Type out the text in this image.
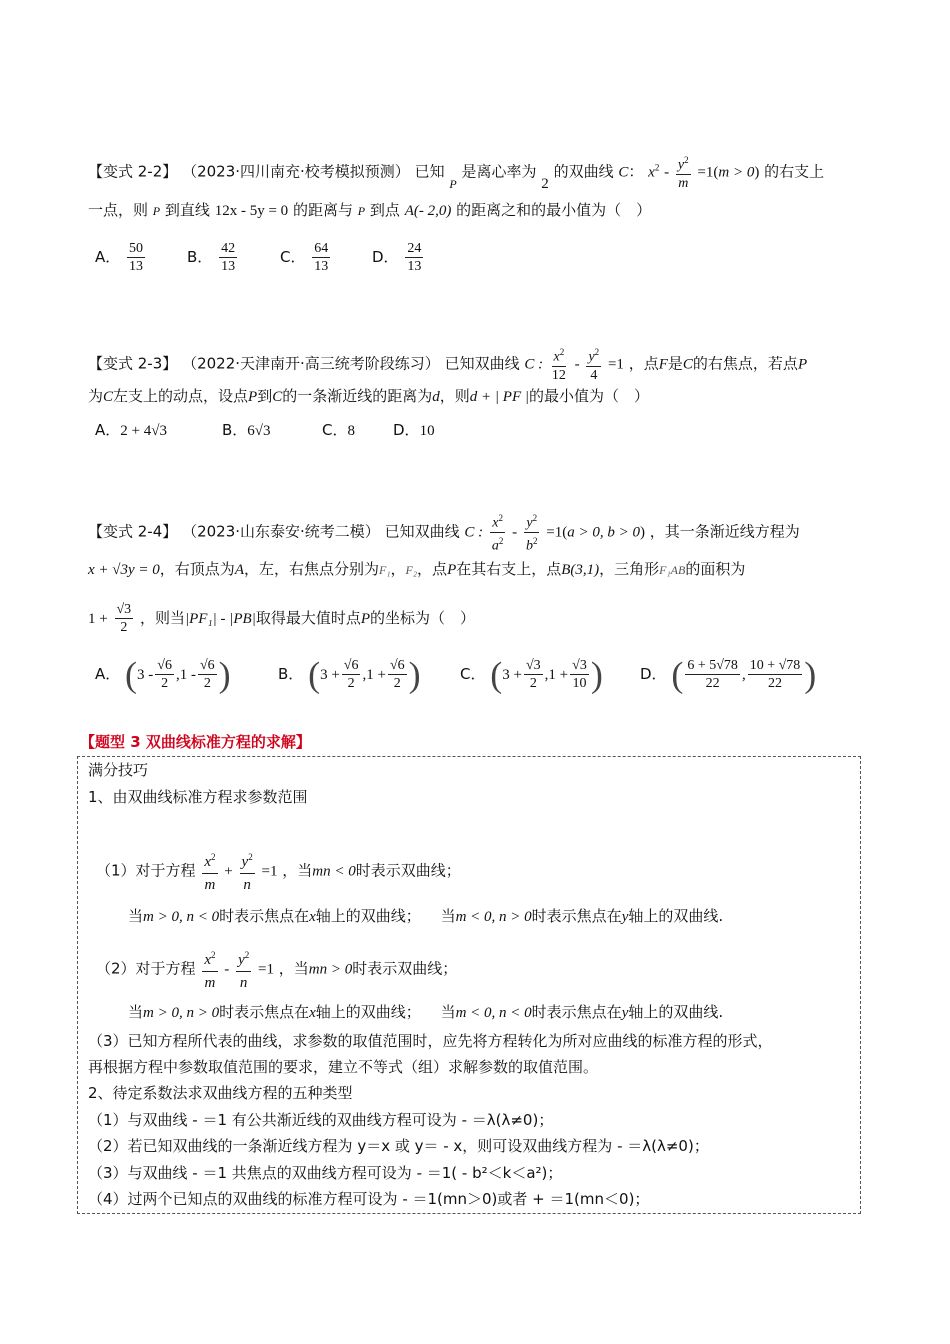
【变式 2-2】 （2023·四川南充·校考模拟预测） 已知 $_P$ 是离心率为 2 的双曲线 C： $x^2 - \frac{y^2}{m} =1(m > 0)$ 的右支上
一点，则 P 到直线 12x - 5y = 0 的距离与 P 到点 A(- 2,0) 的距离之和的最小值为（　）
A． $\frac{50}{13}$	B． $\frac{42}{13}$	C． $\frac{64}{13}$	D． $\frac{24}{13}$
【变式 2-3】 （2022·天津南开·高三统考阶段练习） 已知双曲线 C : $\frac{x^2}{12} - \frac{y^2}{4} =1$ ，点F是C的右焦点，若点P
为C左支上的动点，设点P到C的一条渐近线的距离为d，则d + | PF |的最小值为（　）
A．2 + 4√3	B．6√3	C．8	D．10
【变式 2-4】 （2023·山东泰安·统考二模） 已知双曲线 C : $\frac{x^2}{a^2} - \frac{y^2}{b^2} =1(a > 0$, b > 0) ，其一条渐近线方程为
x + √3y = 0，右顶点为A，左，右焦点分别为F₁，F₂，点P在其右支上，点B(3,1)，三角形F₁AB的面积为
$1 + \frac{√3}{2}$ ，则当|PF₁| - |PB|取得最大值时点P的坐标为（　）
A． ($3 - \frac{√6}{2} ,1 - \frac{√6}{2}$ )	B． ($3 + \frac{√6}{2} ,1 + \frac{√6}{2}$ )	C． ($3 + \frac{√3}{2} ,1 + \frac{√3}{10}$ ) D． ( $\frac{6 + 5√78}{22}$ , $\frac{10 + √78}{22}$ )
【题型 3 双曲线标准方程的求解】
满分技巧
1、由双曲线标准方程求参数范围
（1）对于方程 $\frac{x^2}{m} + \frac{y^2}{n} =1$ ，当mn < 0时表示双曲线；
当m > 0, n < 0时表示焦点在x轴上的双曲线； 　 当m < 0, n > 0时表示焦点在y轴上的双曲线.
（2）对于方程 $\frac{x^2}{m} - \frac{y^2}{n} =1$ ，当mn > 0时表示双曲线；
当m > 0, n > 0时表示焦点在x轴上的双曲线； 　 当m < 0, n < 0时表示焦点在y轴上的双曲线.
（3）已知方程所代表的曲线，求参数的取值范围时，应先将方程转化为所对应曲线的标准方程的形式，
再根据方程中参数取值范围的要求，建立不等式（组）求解参数的取值范围。
2、待定系数法求双曲线方程的五种类型
（1）与双曲线 - ＝1 有公共渐近线的双曲线方程可设为 - ＝λ(λ≠0)；
（2）若已知双曲线的一条渐近线方程为 y＝x 或 y＝ - x，则可设双曲线方程为 - ＝λ(λ≠0)；
（3）与双曲线 - ＝1 共焦点的双曲线方程可设为 - ＝1( - b²＜k＜a²)；
（4）过两个已知点的双曲线的标准方程可设为 - ＝1(mn＞0)或者 + ＝1(mn＜0)；
